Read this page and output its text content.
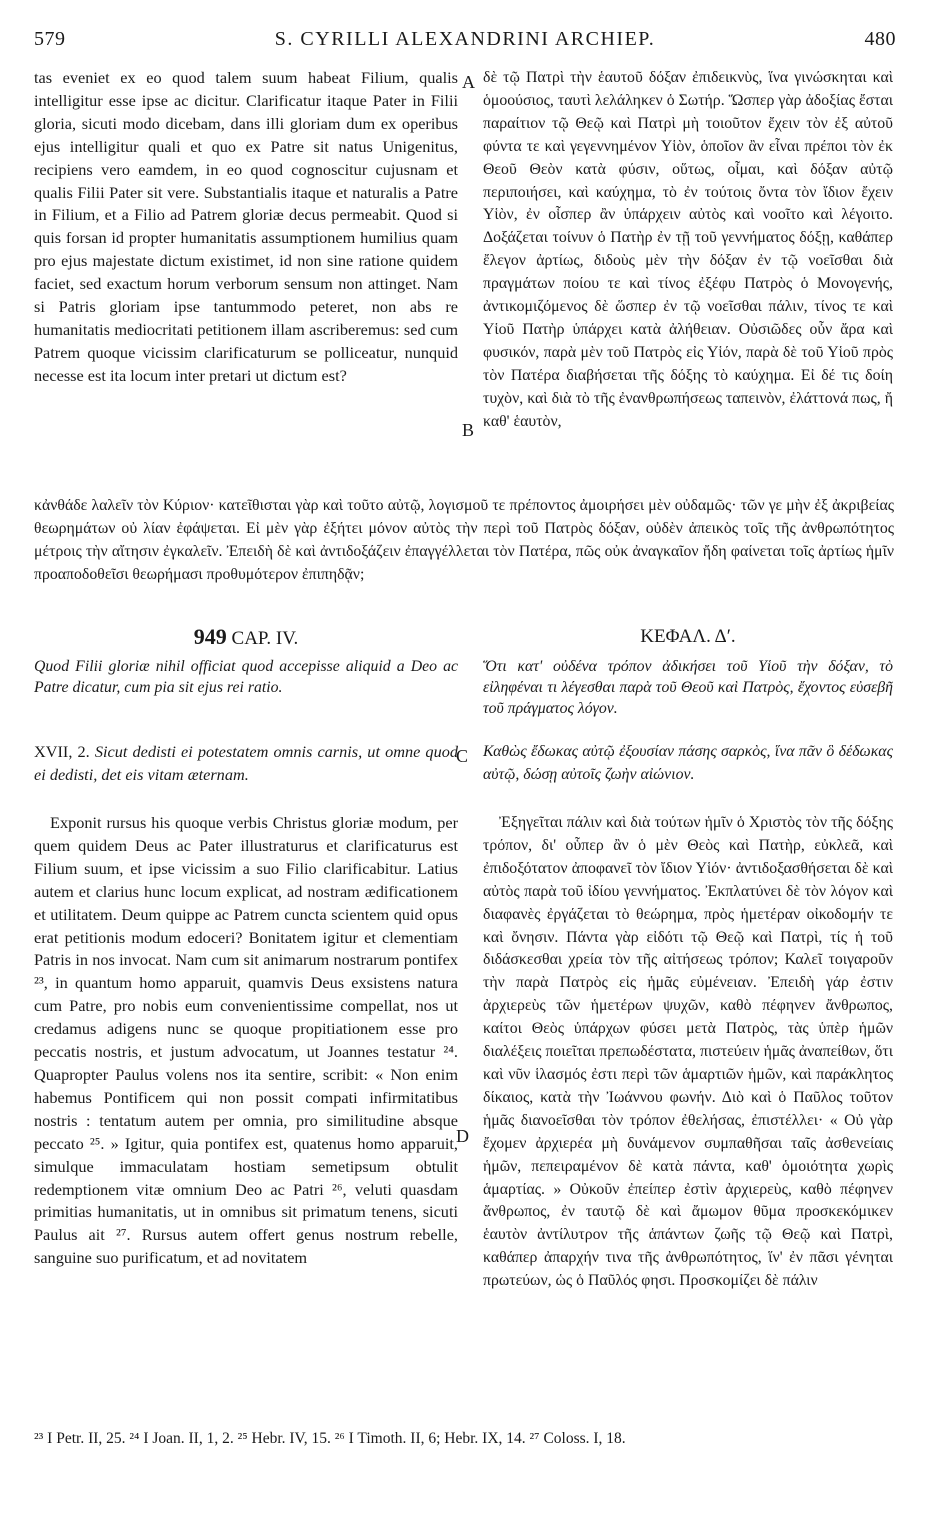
579	S. CYRILLI ALEXANDRINI ARCHIEP.	480
A
B
C
D

tas eveniet ex eo quod talem suum habeat Filium, qualis intelligitur esse ipse ac dicitur. Clarificatur itaque Pater in Filii gloria, sicuti modo dicebam, dans illi gloriam dum ex operibus ejus intelligitur quali et quo ex Patre sit natus Unigenitus, recipiens vero eamdem, in eo quod cognoscitur cujusnam et qualis Filii Pater sit vere. Substantialis itaque et naturalis a Patre in Filium, et a Filio ad Patrem gloriæ decus permeabit. Quod si quis forsan id propter humanitatis assumptionem humilius quam pro ejus majestate dictum existimet, id non sine ratione quidem faciet, sed exactum horum verborum sensum non attinget. Nam si Patris gloriam ipse tantummodo peteret, non abs re humanitatis mediocritati petitionem illam ascriberemus: sed cum Patrem quoque vicissim clarificaturum se polliceatur, nunquid necesse est ita locum inter pretari ut dictum est?

δὲ τῷ Πατρὶ τὴν ἑαυτοῦ δόξαν ἐπιδεικνὺς, ἵνα γινώσκηται καὶ ὁμοούσιος, ταυτὶ λελάληκεν ὁ Σωτήρ. Ὥσπερ γὰρ ἀδοξίας ἔσται παραίτιον τῷ Θεῷ καὶ Πατρὶ μὴ τοιοῦτον ἔχειν τὸν ἐξ αὐτοῦ φύντα τε καὶ γεγεννημένον Υἱὸν, ὁποῖον ἂν εἶναι πρέποι τὸν ἐκ Θεοῦ Θεὸν κατὰ φύσιν, οὕτως, οἶμαι, καὶ δόξαν αὐτῷ περιποιήσει, καὶ καύχημα, τὸ ἐν τούτοις ὄντα τὸν ἴδιον ἔχειν Υἱὸν, ἐν οἷσπερ ἂν ὑπάρχειν αὐτὸς καὶ νοοῖτο καὶ λέγοιτο. Δοξάζεται τοίνυν ὁ Πατὴρ ἐν τῇ τοῦ γεννήματος δόξῃ, καθάπερ ἔλεγον ἀρτίως, διδοὺς μὲν τὴν δόξαν ἐν τῷ νοεῖσθαι διὰ πραγμάτων ποίου τε καὶ τίνος ἐξέφυ Πατρὸς ὁ Μονογενής, ἀντικομιζόμενος δὲ ὥσπερ ἐν τῷ νοεῖσθαι πάλιν, τίνος τε καὶ Υἱοῦ Πατὴρ ὑπάρχει κατὰ ἀλήθειαν. Οὐσιῶδες οὖν ἄρα καὶ φυσικόν, παρὰ μὲν τοῦ Πατρὸς εἰς Υἱόν, παρὰ δὲ τοῦ Υἱοῦ πρὸς τὸν Πατέρα διαβήσεται τῆς δόξης τὸ καύχημα. Εἰ δέ τις δοίη τυχὸν, καὶ διὰ τὸ τῆς ἐνανθρωπήσεως ταπεινὸν, ἐλάττονά πως, ἤ καθ' ἑαυτὸν,

κἀνθάδε λαλεῖν τὸν Κύριον· κατεῖθισται γὰρ καὶ τοῦτο αὐτῷ, λογισμοῦ τε πρέποντος ἀμοιρήσει μὲν οὐδαμῶς· τῶν γε μὴν ἐξ ἀκριβείας θεωρημάτων οὐ λίαν ἐφάψεται. Εἰ μὲν γὰρ ἐξήτει μόνον αὐτὸς τὴν περὶ τοῦ Πατρὸς δόξαν, οὐδὲν ἀπεικὸς τοῖς τῆς ἀνθρωπότητος μέτροις τὴν αἴτησιν ἐγκαλεῖν. Ἐπειδὴ δὲ καὶ ἀντιδοξάζειν ἐπαγγέλλεται τὸν Πατέρα, πῶς οὐκ ἀναγκαῖον ἤδη φαίνεται τοῖς ἀρτίως ἡμῖν προαποδοθεῖσι θεωρήμασι προθυμότερον ἐπιπηδᾷν;

949 CAP. IV.	ΚΕΦΑΛ. Δʹ.

Quod Filii gloriæ nihil officiat quod accepisse aliquid a Deo ac Patre dicatur, cum pia sit ejus rei ratio.

Ὅτι κατ' οὐδένα τρόπον ἀδικήσει τοῦ Υἱοῦ τὴν δόξαν, τὸ εἰληφέναι τι λέγεσθαι παρὰ τοῦ Θεοῦ καὶ Πατρὸς, ἔχοντος εὐσεβῆ τοῦ πράγματος λόγον.

XVII, 2. Sicut dedisti ei potestatem omnis carnis, ut omne quod ei dedisti, det eis vitam æternam.

Καθὼς ἔδωκας αὐτῷ ἐξουσίαν πάσης σαρκὸς, ἵνα πᾶν ὃ δέδωκας αὐτῷ, δώσῃ αὐτοῖς ζωὴν αἰώνιον.

Exponit rursus his quoque verbis Christus gloriæ modum, per quem quidem Deus ac Pater illustraturus et clarificaturus est Filium suum, et ipse vicissim a suo Filio clarificabitur. Latius autem et clarius hunc locum explicat, ad nostram ædificationem et utilitatem. Deum quippe ac Patrem cuncta scientem quid opus erat petitionis modum edoceri? Bonitatem igitur et clementiam Patris in nos invocat. Nam cum sit animarum nostrarum pontifex ²³, in quantum homo apparuit, quamvis Deus exsistens natura cum Patre, pro nobis eum convenientissime compellat, nos ut credamus adigens nunc se quoque propitiationem esse pro peccatis nostris, et justum advocatum, ut Joannes testatur ²⁴. Quapropter Paulus volens nos ita sentire, scribit: « Non enim habemus Pontificem qui non possit compati infirmitatibus nostris : tentatum autem per omnia, pro similitudine absque peccato ²⁵. » Igitur, quia pontifex est, quatenus homo apparuit, simulque immaculatam hostiam semetipsum obtulit redemptionem vitæ omnium Deo ac Patri ²⁶, veluti quasdam primitias humanitatis, ut in omnibus sit primatum tenens, sicuti Paulus ait ²⁷. Rursus autem offert genus nostrum rebelle, sanguine suo purificatum, et ad novitatem

Ἐξηγεῖται πάλιν καὶ διὰ τούτων ἡμῖν ὁ Χριστὸς τὸν τῆς δόξης τρόπον, δι' οὗπερ ἂν ὁ μὲν Θεὸς καὶ Πατὴρ, εὐκλεᾶ, καὶ ἐπιδοξότατον ἀποφανεῖ τὸν ἴδιον Υἱόν· ἀντιδοξασθήσεται δὲ καὶ αὐτὸς παρὰ τοῦ ἰδίου γεννήματος. Ἐκπλατύνει δὲ τὸν λόγον καὶ διαφανὲς ἐργάζεται τὸ θεώρημα, πρὸς ἡμετέραν οἰκοδομήν τε καὶ ὄνησιν. Πάντα γὰρ εἰδότι τῷ Θεῷ καὶ Πατρὶ, τίς ἡ τοῦ διδάσκεσθαι χρεία τὸν τῆς αἰτήσεως τρόπον; Καλεῖ τοιγαροῦν τὴν παρὰ Πατρὸς εἰς ἡμᾶς εὐμένειαν. Ἐπειδὴ γάρ ἐστιν ἀρχιερεὺς τῶν ἡμετέρων ψυχῶν, καθὸ πέφηνεν ἄνθρωπος, καίτοι Θεὸς ὑπάρχων φύσει μετὰ Πατρὸς, τὰς ὑπὲρ ἡμῶν διαλέξεις ποιεῖται πρεπωδέστατα, πιστεύειν ἡμᾶς ἀναπείθων, ὅτι καὶ νῦν ἱλασμός ἐστι περὶ τῶν ἁμαρτιῶν ἡμῶν, καὶ παράκλητος δίκαιος, κατὰ τὴν Ἰωάννου φωνήν. Διὸ καὶ ὁ Παῦλος τοῦτον ἡμᾶς διανοεῖσθαι τὸν τρόπον ἐθελήσας, ἐπιστέλλει· « Οὐ γὰρ ἔχομεν ἀρχιερέα μὴ δυνάμενον συμπαθῆσαι ταῖς ἀσθενείαις ἡμῶν, πεπειραμένον δὲ κατὰ πάντα, καθ' ὁμοιότητα χωρὶς ἁμαρτίας. » Οὐκοῦν ἐπείπερ ἐστὶν ἀρχιερεὺς, καθὸ πέφηνεν ἄνθρωπος, ἐν ταυτῷ δὲ καὶ ἄμωμον θῦμα προσκεκόμικεν ἑαυτὸν ἀντίλυτρον τῆς ἁπάντων ζωῆς τῷ Θεῷ καὶ Πατρὶ, καθάπερ ἀπαρχήν τινα τῆς ἀνθρωπότητος, ἵν' ἐν πᾶσι γένηται πρωτεύων, ὡς ὁ Παῦλός φησι. Προσκομίζει δὲ πάλιν

²³ I Petr. II, 25. ²⁴ I Joan. II, 1, 2. ²⁵ Hebr. IV, 15. ²⁶ I Timoth. II, 6; Hebr. IX, 14. ²⁷ Coloss. I, 18.
